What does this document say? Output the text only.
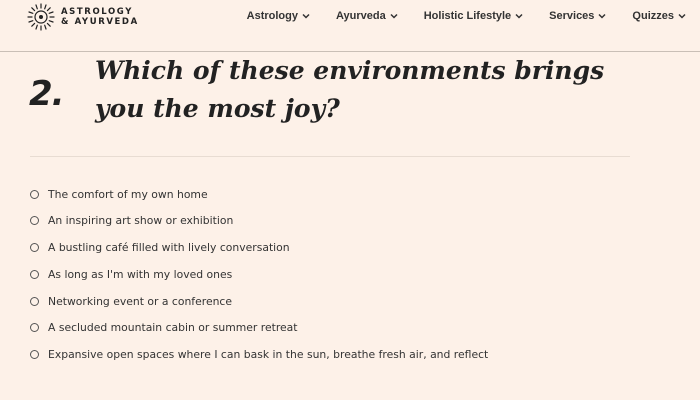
ASTROLOGY
& AYURVEDA	Astrology	Ayurveda	Holistic Lifestyle	Services	Quizzes
2.
Which of these environments brings you the most joy?
The comfort of my own home
An inspiring art show or exhibition
A bustling café filled with lively conversation
As long as I'm with my loved ones
Networking event or a conference
A secluded mountain cabin or summer retreat
Expansive open spaces where I can bask in the sun, breathe fresh air, and reflect
